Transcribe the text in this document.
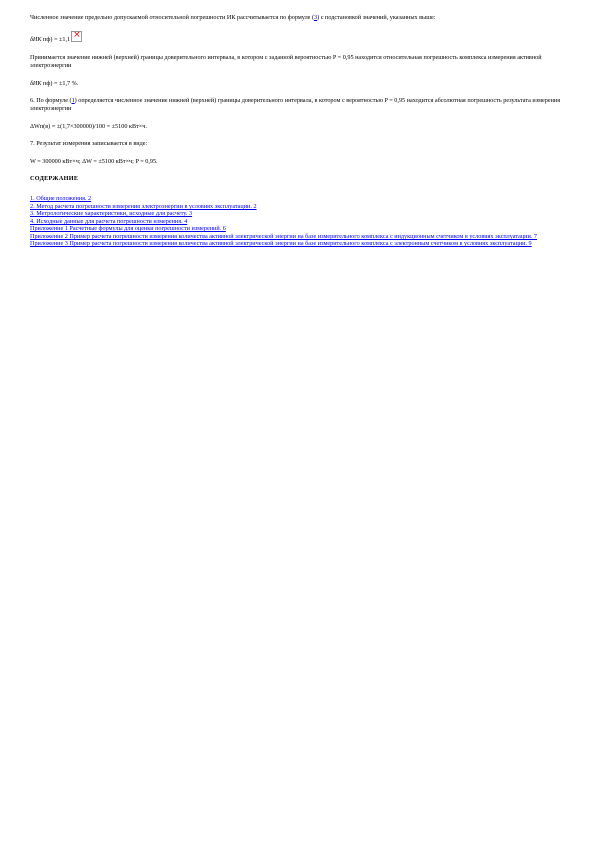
Численное значение предельно допускаемой относительной погрешности ИК рассчитывается по формуле (3) с подстановкой значений, указанных выше:

δИК пф) = ±1,1×

Принимается значение нижней (верхней) границы доверительного интервала, в котором с заданной вероятностью P = 0,95 находится относительная погрешность комплекса измерения активной электроэнергии

δИК пф) = ±1,7 %.

6. По формуле (1) определяется численное значение нижней (верхней) границы доверительного интервала, в котором с вероятностью P = 0,95 находится абсолютная погрешность результата измерения электроэнергии

ΔWп(в) = ±(1,7×300000)/100 = ±5100 кВт×ч.

7. Результат измерения записывается в виде:

W = 300000 кВт×ч; ΔW = ±5100 кВт×ч; P = 0,95.

СОДЕРЖАНИЕ

1. Общие положения. 2
2. Метод расчета погрешности измерения электроэнергии в условиях эксплуатации. 2
3. Метрологические характеристики, исходные для расчету. 3
4. Исходные данные для расчета погрешности измерения. 4
Приложение 1 Расчетные формулы для оценки погрешности измерений. 6
Приложение 2 Пример расчета погрешности измерения количества активной электрической энергии на базе измерительного комплекса с индукционным счетчиком в условиях эксплуатации. 7
Приложение 3 Пример расчета погрешности измерения количества активной электрической энергии на базе измерительного комплекса с электронным счетчиком в условиях эксплуатации. 9
